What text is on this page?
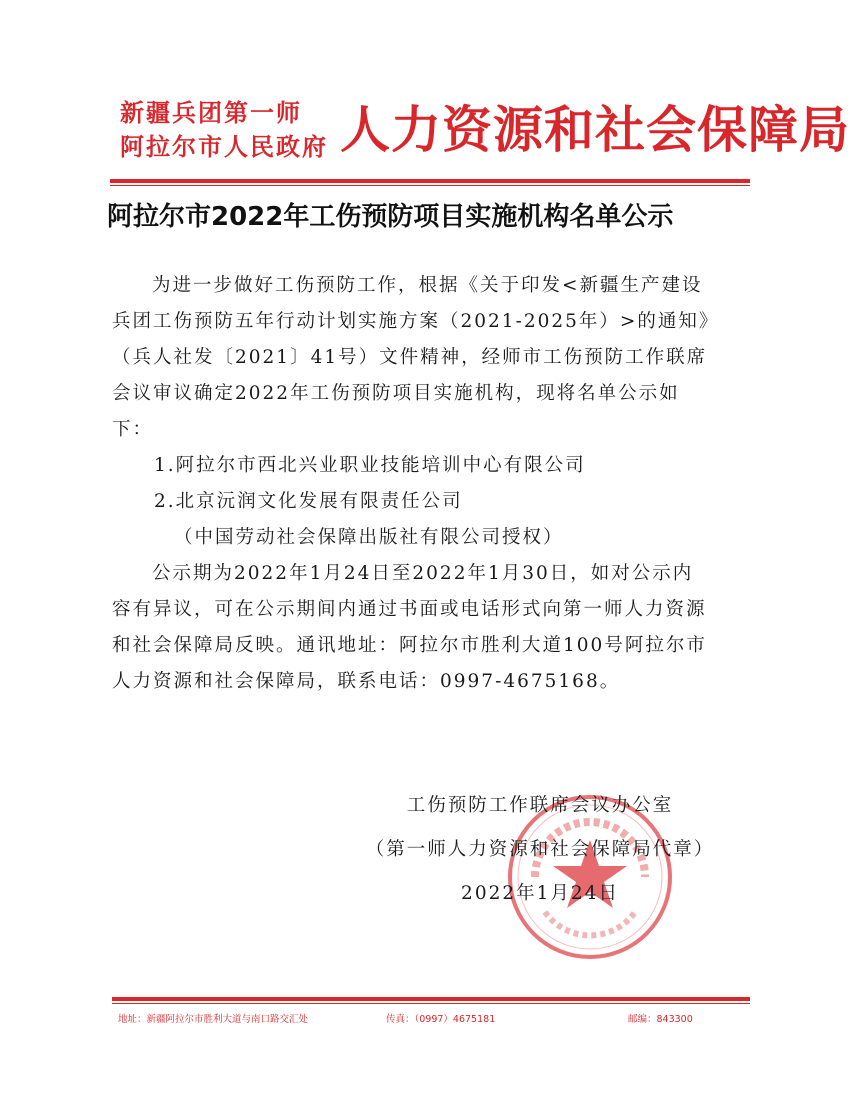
新疆兵团第一师
阿拉尔市人民政府 人力资源和社会保障局
阿拉尔市2022年工伤预防项目实施机构名单公示

为进一步做好工伤预防工作，根据《关于印发<新疆生产建设兵团工伤预防五年行动计划实施方案（2021-2025年）>的通知》（兵人社发〔2021〕41号）文件精神，经师市工伤预防工作联席会议审议确定2022年工伤预防项目实施机构，现将名单公示如下：

1.阿拉尔市西北兴业职业技能培训中心有限公司

2.北京沅润文化发展有限责任公司

（中国劳动社会保障出版社有限公司授权）

公示期为2022年1月24日至2022年1月30日，如对公示内容有异议，可在公示期间内通过书面或电话形式向第一师人力资源和社会保障局反映。通讯地址：阿拉尔市胜利大道100号阿拉尔市人力资源和社会保障局，联系电话：0997-4675168。

工伤预防工作联席会议办公室
（第一师人力资源和社会保障局代章）
2022年1月24日
地址：新疆阿拉尔市胜利大道与南口路交汇处	传真：（0997）4675181	邮编：843300
